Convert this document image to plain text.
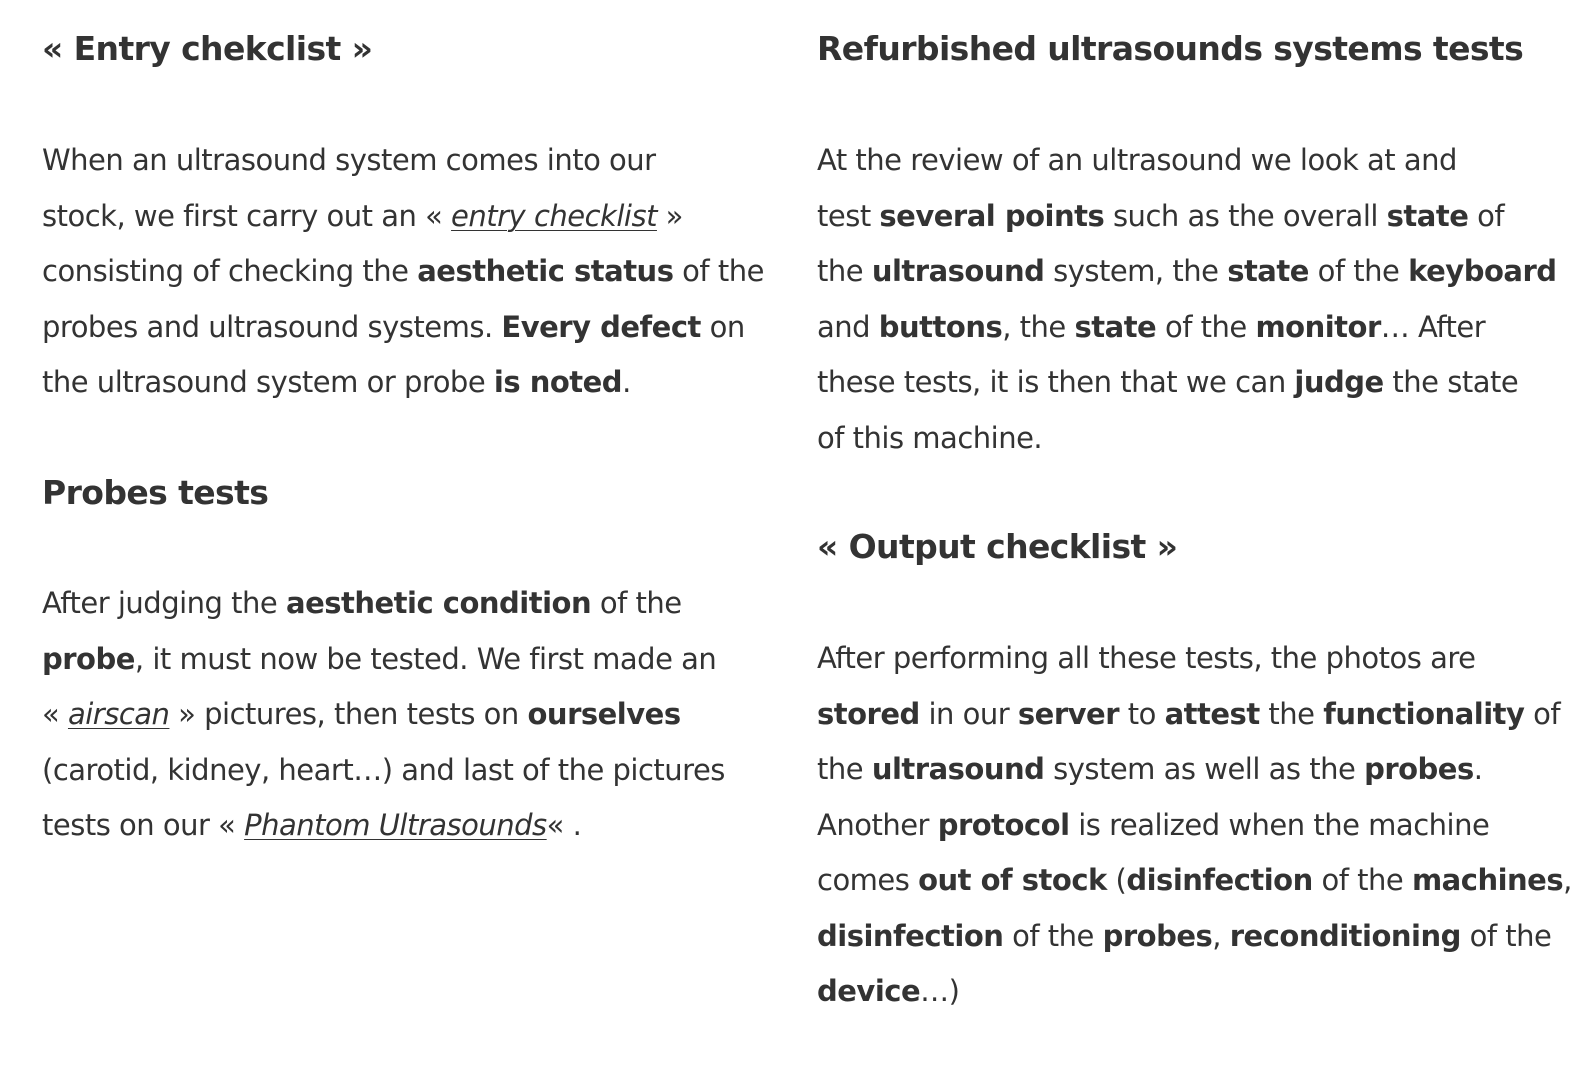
« Entry chekclist »
When an ultrasound system comes into our
stock, we first carry out an « entry checklist »
consisting of checking the aesthetic status of the
probes and ultrasound systems. Every defect on
the ultrasound system or probe is noted.
Probes tests
After judging the aesthetic condition of the
probe, it must now be tested. We first made an
« airscan » pictures, then tests on ourselves
(carotid, kidney, heart…) and last of the pictures
tests on our « Phantom Ultrasounds« .
Refurbished ultrasounds systems tests
At the review of an ultrasound we look at and
test several points such as the overall state of
the ultrasound system, the state of the keyboard
and buttons, the state of the monitor… After
these tests, it is then that we can judge the state
of this machine.
« Output checklist »
After performing all these tests, the photos are
stored in our server to attest the functionality of
the ultrasound system as well as the probes.
Another protocol is realized when the machine
comes out of stock (disinfection of the machines,
disinfection of the probes, reconditioning of the
device…)
